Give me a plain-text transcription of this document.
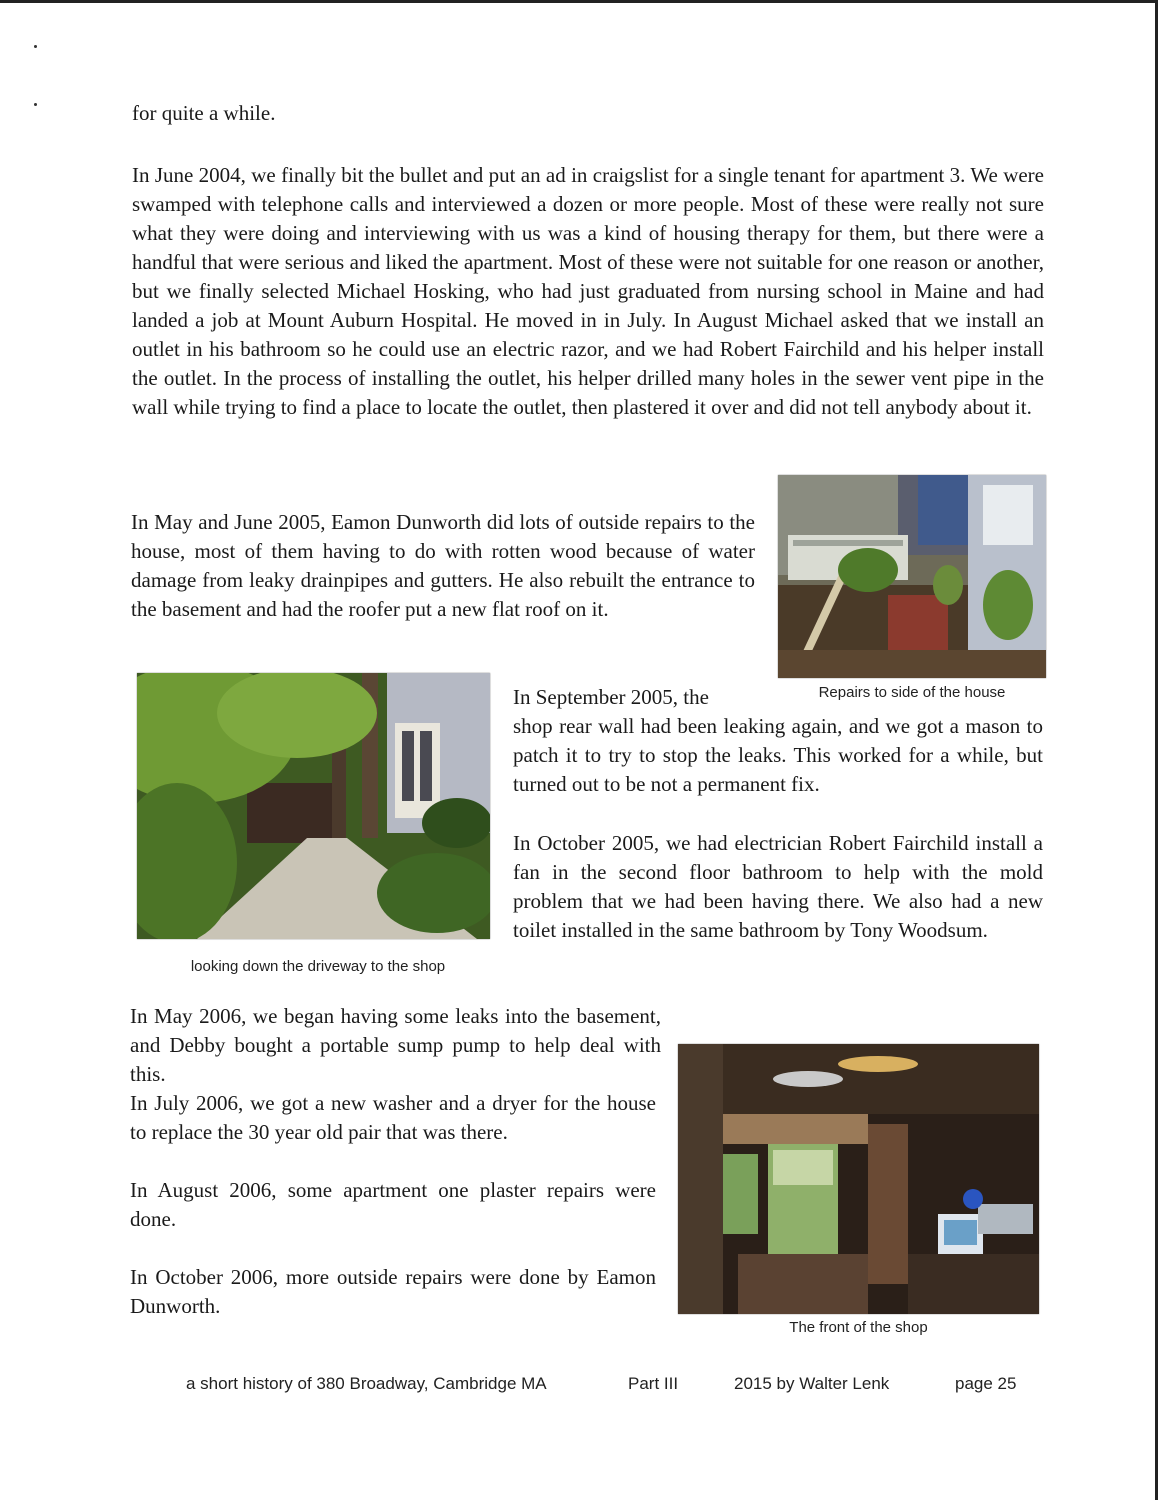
for quite a while.

In June 2004, we finally bit the bullet and put an ad in craigslist for a single tenant for apartment 3. We were swamped with telephone calls and interviewed a dozen or more people. Most of these were really not sure what they were doing and interviewing with us was a kind of housing therapy for them, but there were a handful that were serious and liked the apartment. Most of these were not suitable for one reason or another, but we finally selected Michael Hosking, who had just graduated from nursing school in Maine and had landed a job at Mount Auburn Hospital. He moved in in July. In August Michael asked that we install an outlet in his bathroom so he could use an electric razor, and we had Robert Fairchild and his helper install the outlet. In the process of installing the outlet, his helper drilled many holes in the sewer vent pipe in the wall while trying to find a place to locate the outlet, then plastered it over and did not tell anybody about it.

Repairs to side of the house

In May and June 2005, Eamon Dunworth did lots of outside repairs to the house, most of them having to do with rotten wood because of water damage from leaky drainpipes and gutters. He also rebuilt the entrance to the basement and had the roofer put a new flat roof on it.

looking down the driveway to the shop

In September 2005, the

shop rear wall had been leaking again, and we got a mason to patch it to try to stop the leaks. This worked for a while, but turned out to be not a permanent fix.

In October 2005, we had electrician Robert Fairchild install a fan in the second floor bathroom to help with the mold problem that we had been having there. We also had a new toilet installed in the same bathroom by Tony Woodsum.

In May 2006, we began having some leaks into the basement, and Debby bought a portable sump pump to help deal with this.

In July 2006, we got a new washer and a dryer for the house to replace the 30 year old pair that was there.

In August 2006, some apartment one plaster repairs were done.

In October 2006, more outside repairs were done by Eamon Dunworth.

The front of the shop
a short history of 380 Broadway, Cambridge MA	Part III	2015 by Walter Lenk	page 25
